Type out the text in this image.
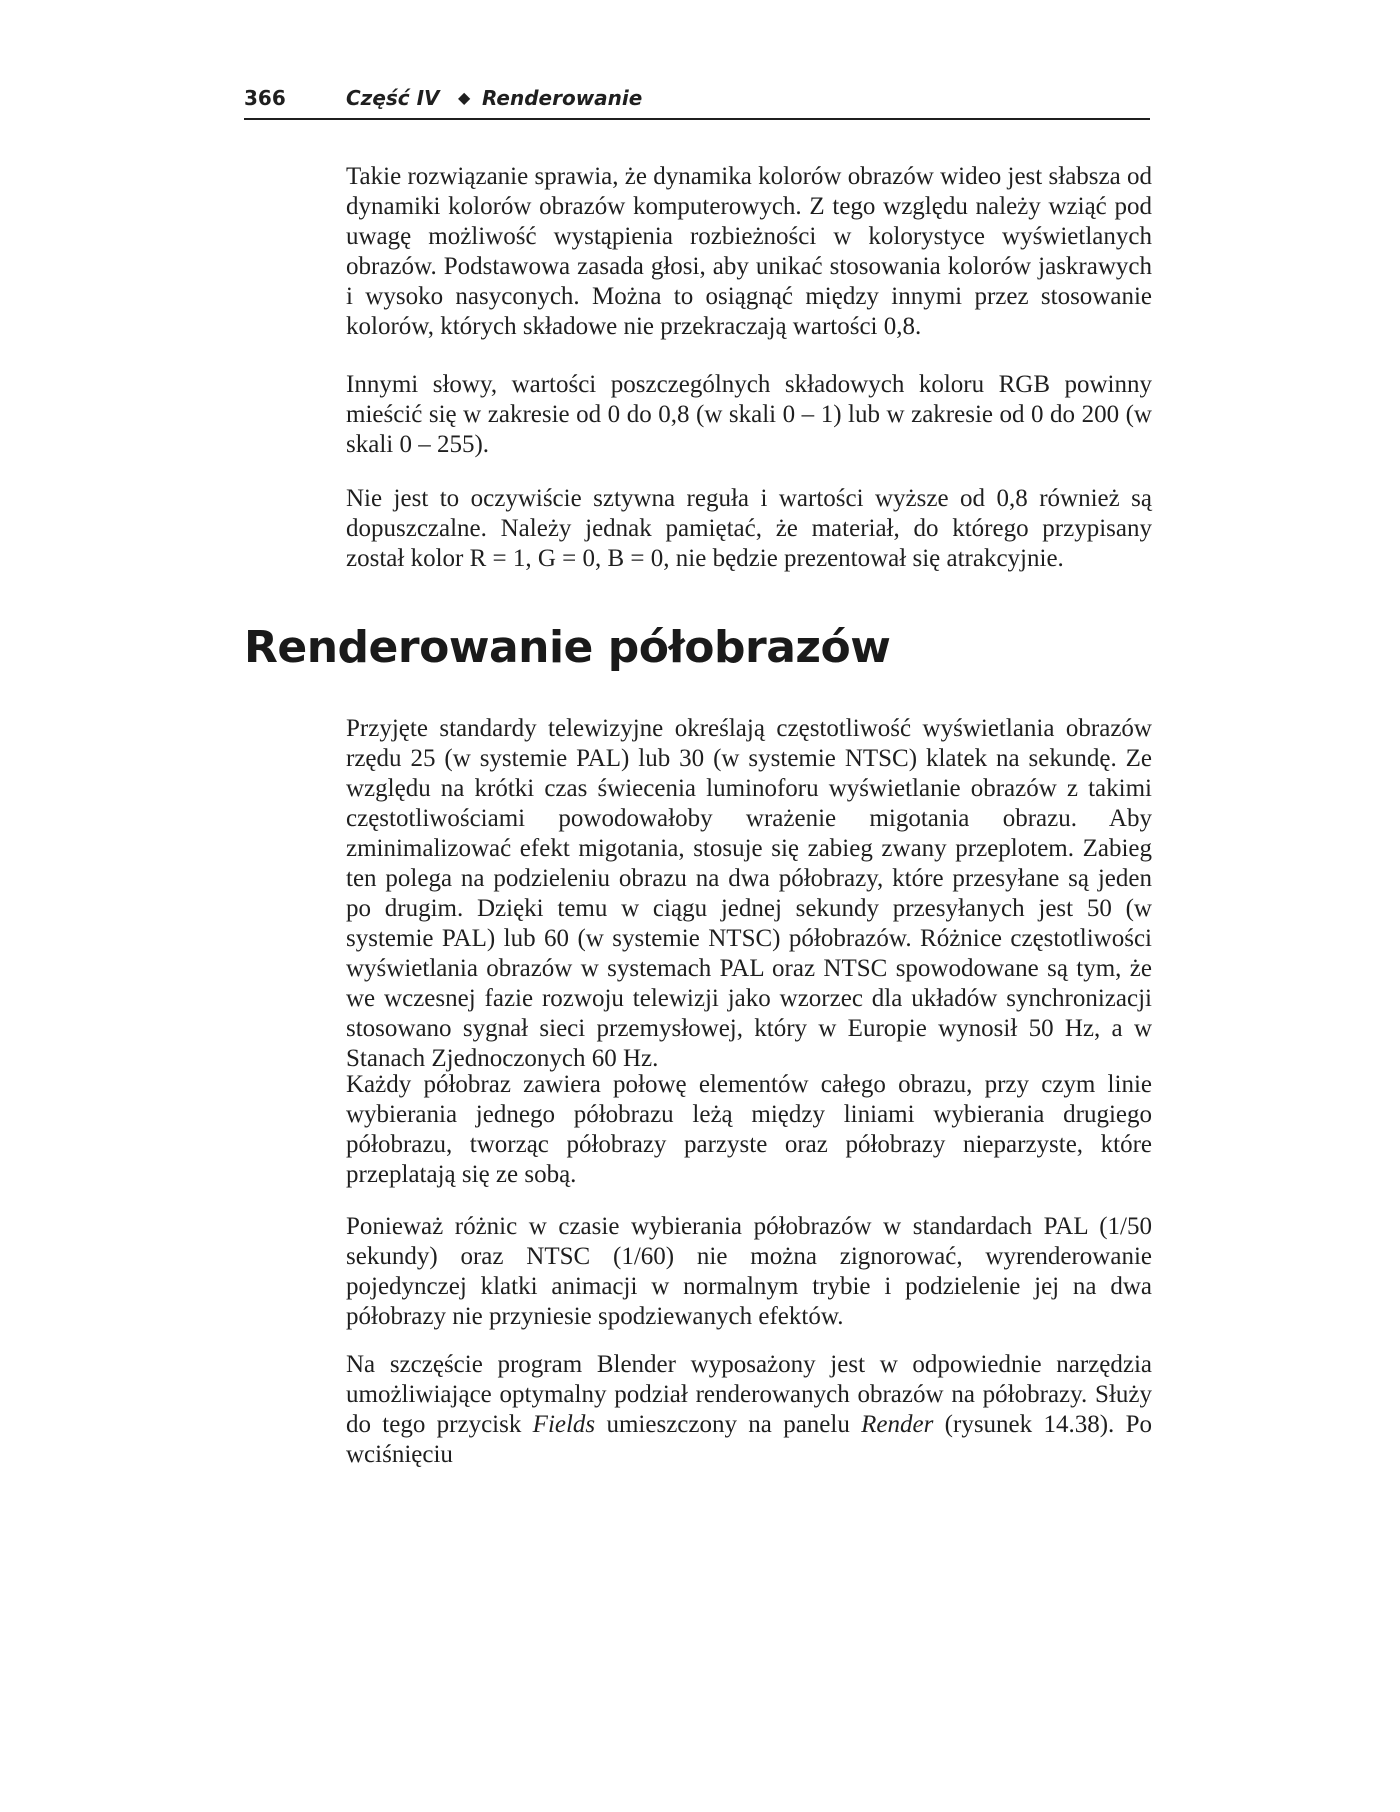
366	Część IV ◆ Renderowanie

Takie rozwiązanie sprawia, że dynamika kolorów obrazów wideo jest słabsza od dynamiki kolorów obrazów komputerowych. Z tego względu należy wziąć pod uwagę możliwość wystąpienia rozbieżności w kolorystyce wyświetlanych obrazów. Podstawowa zasada głosi, aby unikać stosowania kolorów jaskrawych i wysoko nasyconych. Można to osiągnąć między innymi przez stosowanie kolorów, których składowe nie przekraczają wartości 0,8.

Innymi słowy, wartości poszczególnych składowych koloru RGB powinny mieścić się w zakresie od 0 do 0,8 (w skali 0 – 1) lub w zakresie od 0 do 200 (w skali 0 – 255).

Nie jest to oczywiście sztywna reguła i wartości wyższe od 0,8 również są dopuszczalne. Należy jednak pamiętać, że materiał, do którego przypisany został kolor R = 1, G = 0, B = 0, nie będzie prezentował się atrakcyjnie.

Renderowanie półobrazów

Przyjęte standardy telewizyjne określają częstotliwość wyświetlania obrazów rzędu 25 (w systemie PAL) lub 30 (w systemie NTSC) klatek na sekundę. Ze względu na krótki czas świecenia luminoforu wyświetlanie obrazów z takimi częstotliwościami powodowałoby wrażenie migotania obrazu. Aby zminimalizować efekt migotania, stosuje się zabieg zwany przeplotem. Zabieg ten polega na podzieleniu obrazu na dwa półobrazy, które przesyłane są jeden po drugim. Dzięki temu w ciągu jednej sekundy przesyłanych jest 50 (w systemie PAL) lub 60 (w systemie NTSC) półobrazów. Różnice częstotliwości wyświetlania obrazów w systemach PAL oraz NTSC spowodowane są tym, że we wczesnej fazie rozwoju telewizji jako wzorzec dla układów synchronizacji stosowano sygnał sieci przemysłowej, który w Europie wynosił 50 Hz, a w Stanach Zjednoczonych 60 Hz.

Każdy półobraz zawiera połowę elementów całego obrazu, przy czym linie wybierania jednego półobrazu leżą między liniami wybierania drugiego półobrazu, tworząc półobrazy parzyste oraz półobrazy nieparzyste, które przeplatają się ze sobą.

Ponieważ różnic w czasie wybierania półobrazów w standardach PAL (1/50 sekundy) oraz NTSC (1/60) nie można zignorować, wyrenderowanie pojedynczej klatki animacji w normalnym trybie i podzielenie jej na dwa półobrazy nie przyniesie spodziewanych efektów.

Na szczęście program Blender wyposażony jest w odpowiednie narzędzia umożliwiające optymalny podział renderowanych obrazów na półobrazy. Służy do tego przycisk Fields umieszczony na panelu Render (rysunek 14.38). Po wciśnięciu
